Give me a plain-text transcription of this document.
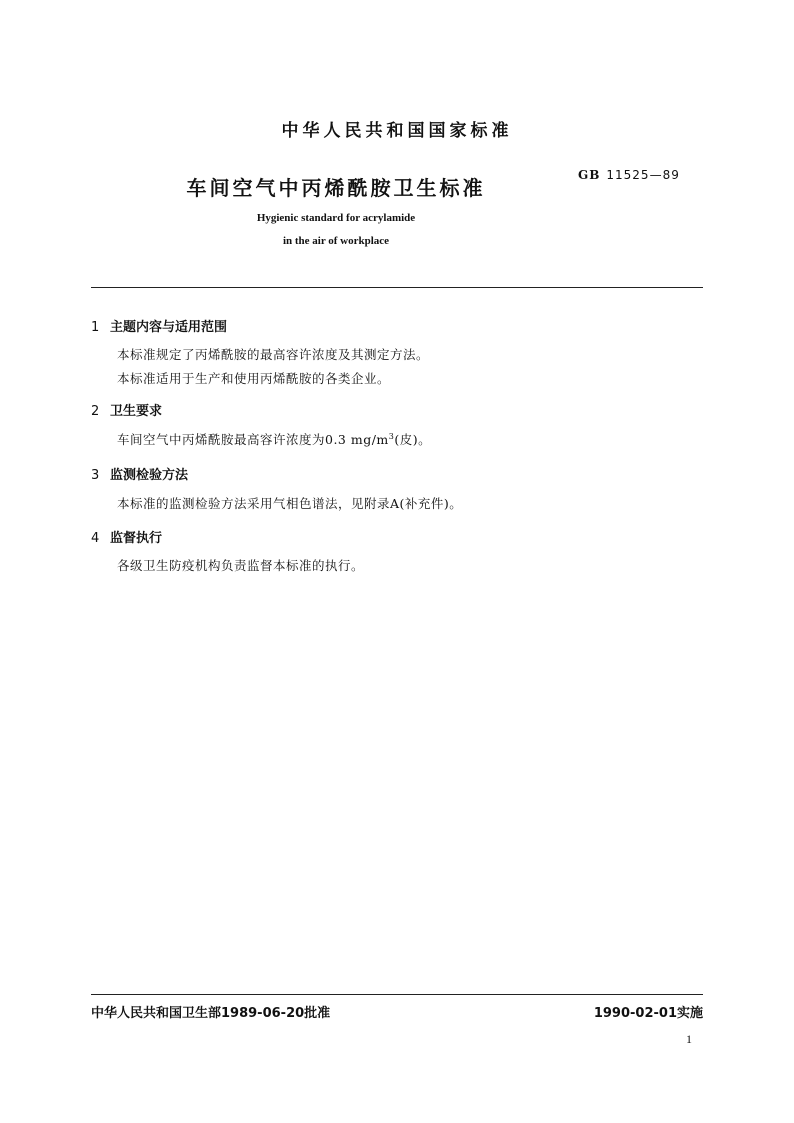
中华人民共和国国家标准
车间空气中丙烯酰胺卫生标准
GB 11525—89
Hygienic standard for acrylamide
in the air of workplace
1 主题内容与适用范围
本标准规定了丙烯酰胺的最高容许浓度及其测定方法。
本标准适用于生产和使用丙烯酰胺的各类企业。
2 卫生要求
车间空气中丙烯酰胺最高容许浓度为0.3 $mg/m^3$(皮)。
3 监测检验方法
本标准的监测检验方法采用气相色谱法，见附录A(补充件)。
4 监督执行
各级卫生防疫机构负责监督本标准的执行。
中华人民共和国卫生部1989-06-20批准	1990-02-01实施
1
